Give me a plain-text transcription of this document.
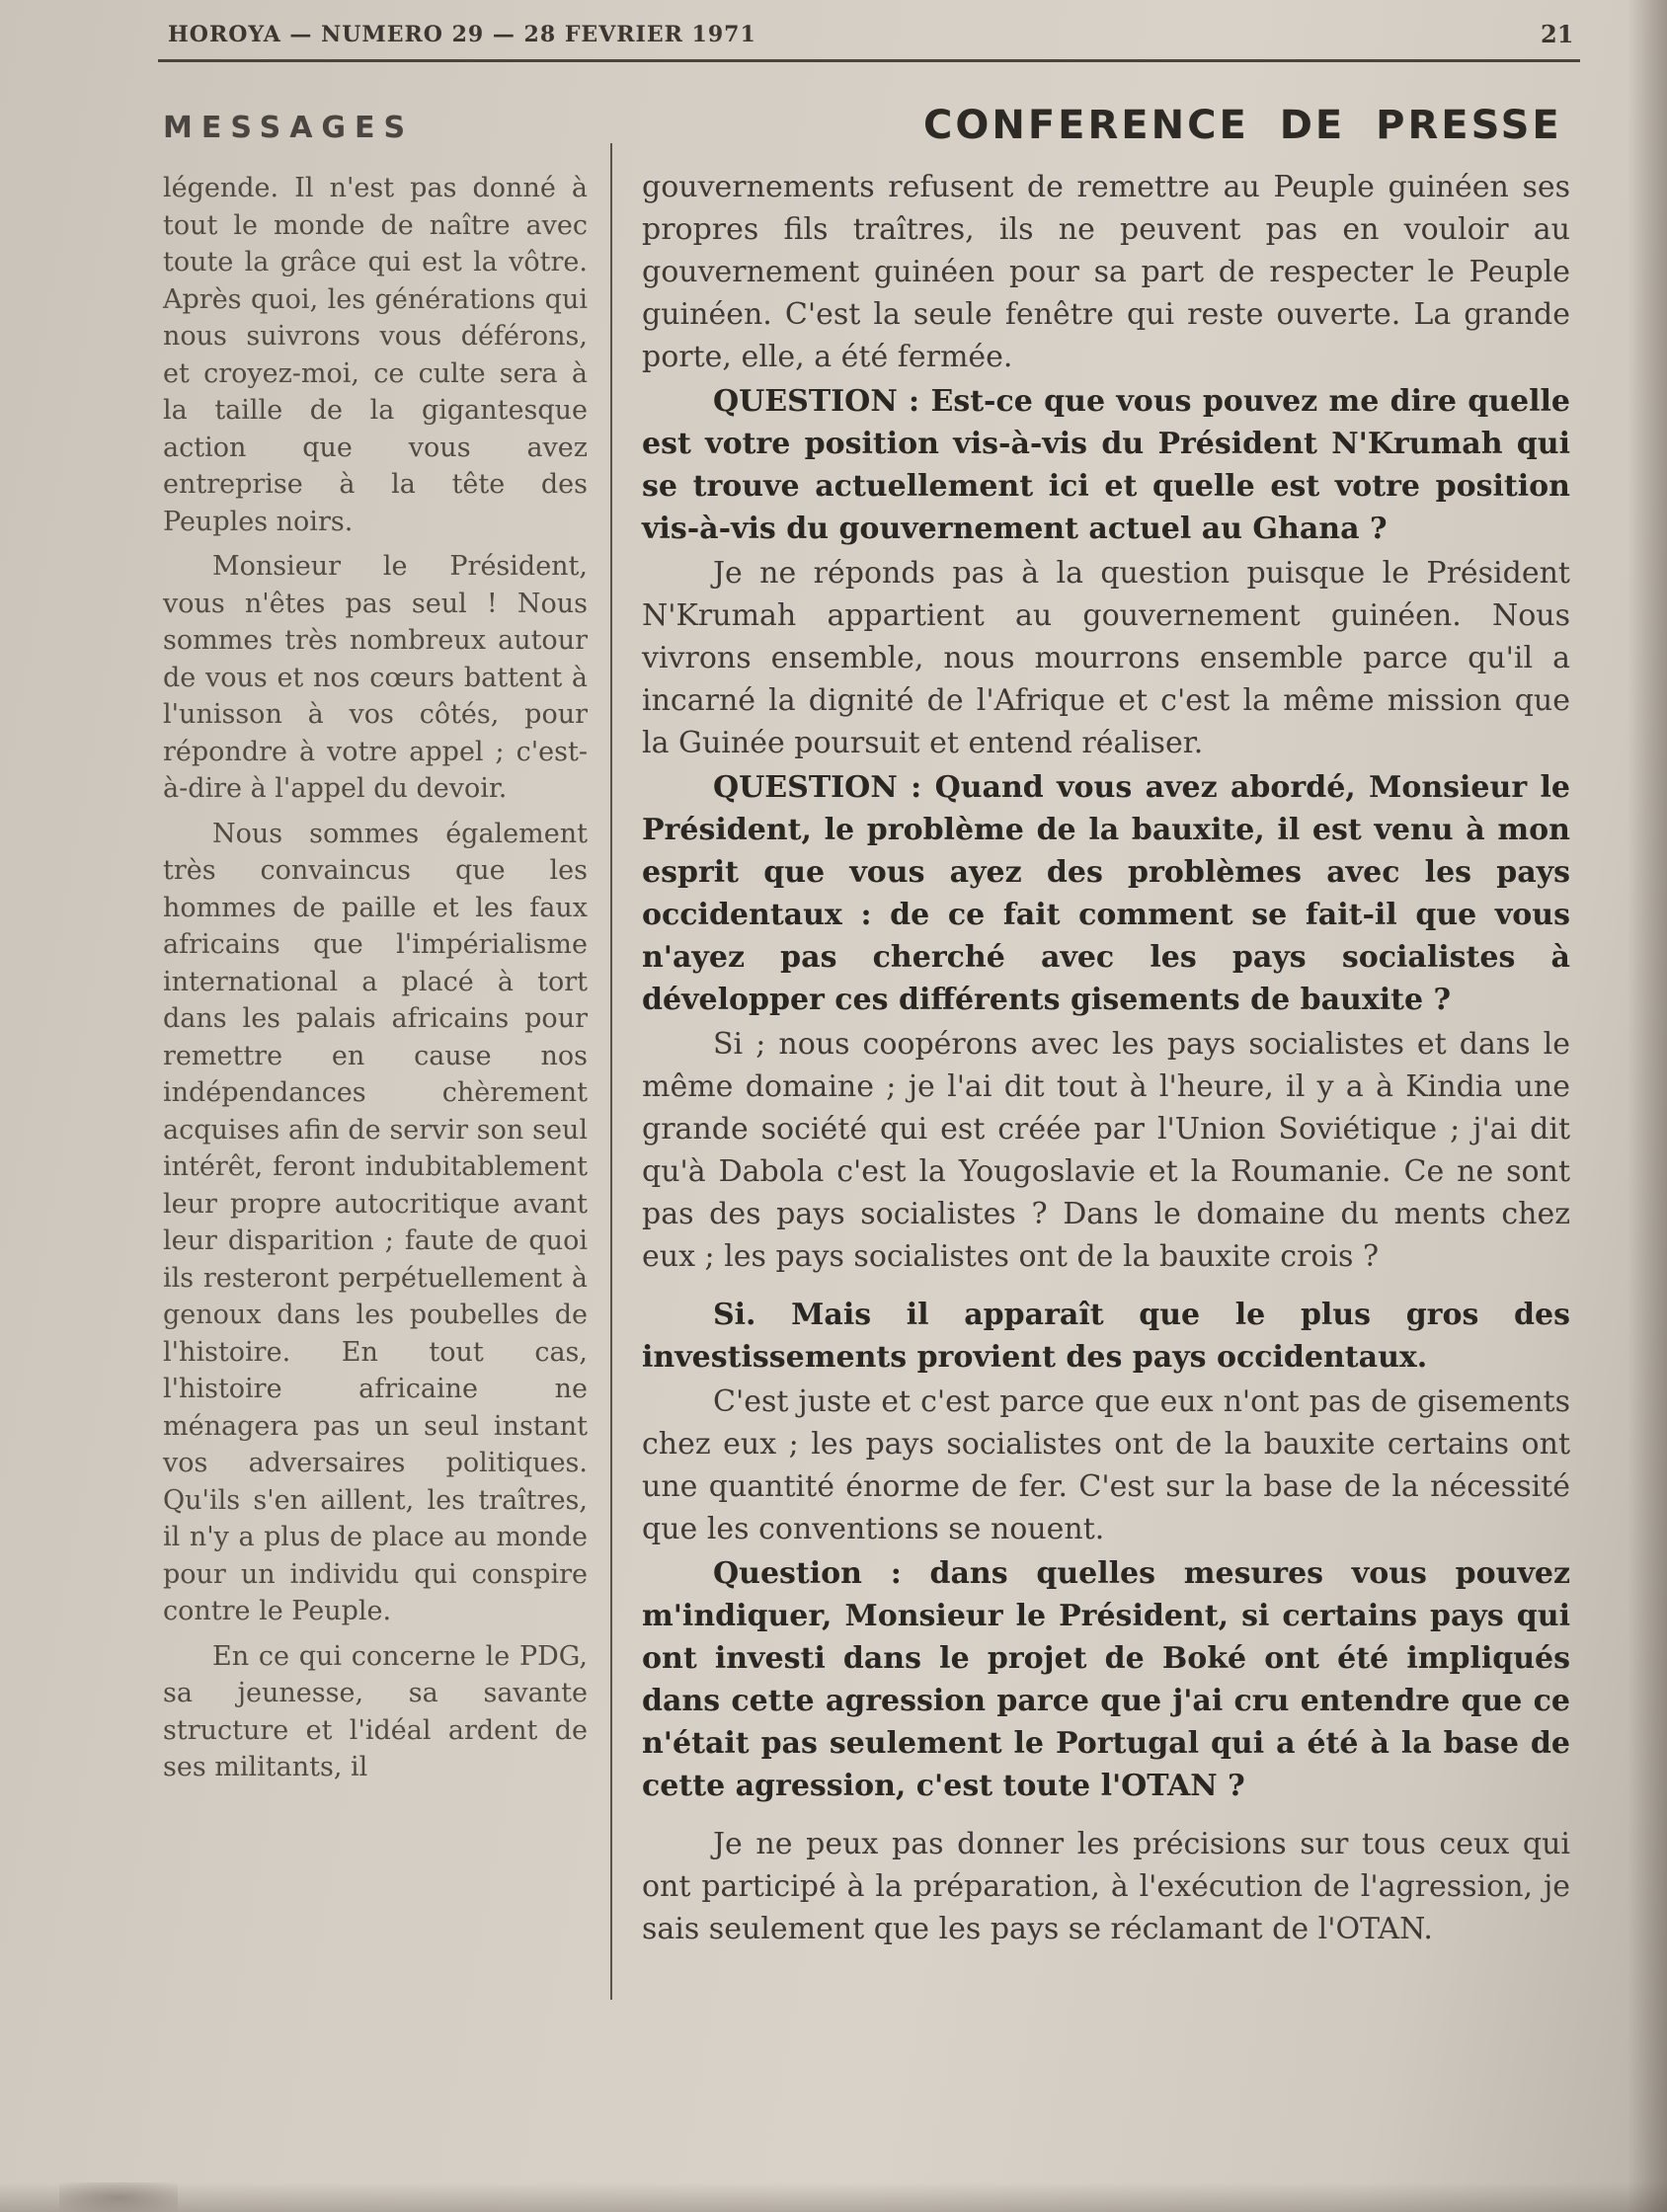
HOROYA — NUMERO 29 — 28 FEVRIER 1971	21
MESSAGES	CONFERENCE DE PRESSE

légende. Il n'est pas donné à tout le monde de naître avec toute la grâce qui est la vôtre. Après quoi, les générations qui nous suivrons vous déférons, et croyez-moi, ce culte sera à la taille de la gigantesque action que vous avez entreprise à la tête des Peuples noirs.

Monsieur le Président, vous n'êtes pas seul ! Nous sommes très nombreux autour de vous et nos cœurs battent à l'unisson à vos côtés, pour répondre à votre appel ; c'est-à-dire à l'appel du devoir.

Nous sommes également très convaincus que les hommes de paille et les faux africains que l'impérialisme international a placé à tort dans les palais africains pour remettre en cause nos indépendances chèrement acquises afin de servir son seul intérêt, feront indubitablement leur propre autocritique avant leur disparition ; faute de quoi ils resteront perpétuellement à genoux dans les poubelles de l'histoire. En tout cas, l'histoire africaine ne ménagera pas un seul instant vos adversaires politiques. Qu'ils s'en aillent, les traîtres, il n'y a plus de place au monde pour un individu qui conspire contre le Peuple.

En ce qui concerne le PDG, sa jeunesse, sa savante structure et l'idéal ardent de ses militants, il

gouvernements refusent de remettre au Peuple guinéen ses propres fils traîtres, ils ne peuvent pas en vouloir au gouvernement guinéen pour sa part de respecter le Peuple guinéen. C'est la seule fenêtre qui reste ouverte. La grande porte, elle, a été fermée.

QUESTION : Est-ce que vous pouvez me dire quelle est votre position vis-à-vis du Président N'Krumah qui se trouve actuellement ici et quelle est votre position vis-à-vis du gouvernement actuel au Ghana ?

Je ne réponds pas à la question puisque le Président N'Krumah appartient au gouvernement guinéen. Nous vivrons ensemble, nous mourrons ensemble parce qu'il a incarné la dignité de l'Afrique et c'est la même mission que la Guinée poursuit et entend réaliser.

QUESTION : Quand vous avez abordé, Monsieur le Président, le problème de la bauxite, il est venu à mon esprit que vous ayez des problèmes avec les pays occidentaux : de ce fait comment se fait-il que vous n'ayez pas cherché avec les pays socialistes à développer ces différents gisements de bauxite ?

Si ; nous coopérons avec les pays socialistes et dans le même domaine ; je l'ai dit tout à l'heure, il y a à Kindia une grande société qui est créée par l'Union Soviétique ; j'ai dit qu'à Dabola c'est la Yougoslavie et la Roumanie. Ce ne sont pas des pays socialistes ? Dans le domaine du ments chez eux ; les pays socialistes ont de la bauxite crois ?

Si. Mais il apparaît que le plus gros des investissements provient des pays occidentaux.

C'est juste et c'est parce que eux n'ont pas de gisements chez eux ; les pays socialistes ont de la bauxite certains ont une quantité énorme de fer. C'est sur la base de la nécessité que les conventions se nouent.

Question : dans quelles mesures vous pouvez m'indiquer, Monsieur le Président, si certains pays qui ont investi dans le projet de Boké ont été impliqués dans cette agression parce que j'ai cru entendre que ce n'était pas seulement le Portugal qui a été à la base de cette agression, c'est toute l'OTAN ?

Je ne peux pas donner les précisions sur tous ceux qui ont participé à la préparation, à l'exécution de l'agression, je sais seulement que les pays se réclamant de l'OTAN.
